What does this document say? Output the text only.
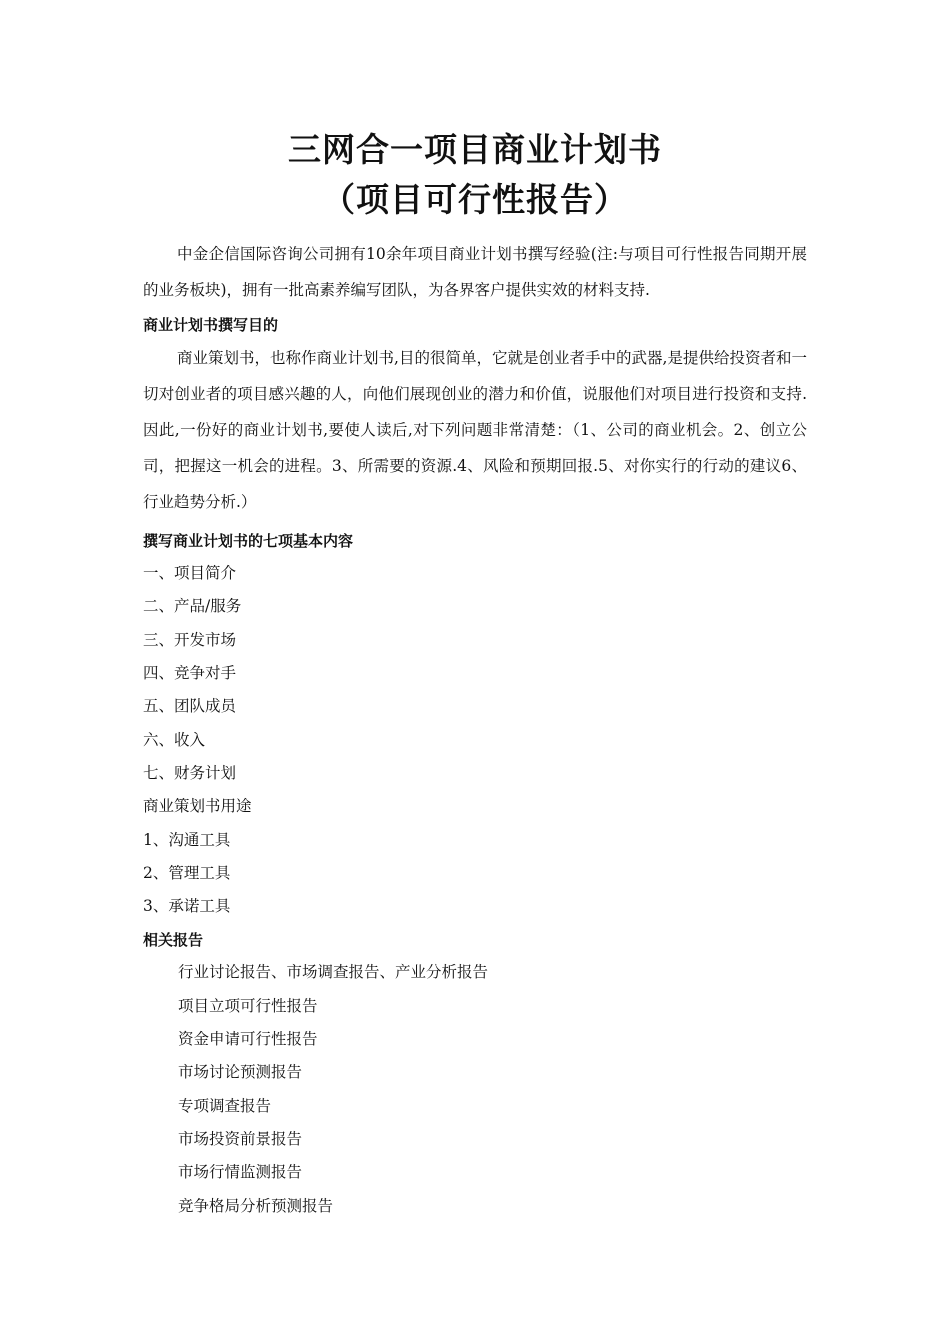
三网合一项目商业计划书
（项目可行性报告）

中金企信国际咨询公司拥有10余年项目商业计划书撰写经验(注:与项目可行性报告同期开展的业务板块)，拥有一批高素养编写团队，为各界客户提供实效的材料支持.

商业计划书撰写目的

商业策划书，也称作商业计划书,目的很简单，它就是创业者手中的武器,是提供给投资者和一切对创业者的项目感兴趣的人，向他们展现创业的潜力和价值，说服他们对项目进行投资和支持.因此,一份好的商业计划书,要使人读后,对下列问题非常清楚：（1、公司的商业机会。2、创立公司，把握这一机会的进程。3、所需要的资源.4、风险和预期回报.5、对你实行的行动的建议6、行业趋势分析.）

撰写商业计划书的七项基本内容

一、项目简介

二、产品/服务

三、开发市场

四、竞争对手

五、团队成员

六、收入

七、财务计划

商业策划书用途

1、沟通工具

2、管理工具

3、承诺工具

相关报告

行业讨论报告、市场调查报告、产业分析报告

项目立项可行性报告

资金申请可行性报告

市场讨论预测报告

专项调查报告

市场投资前景报告

市场行情监测报告

竞争格局分析预测报告
